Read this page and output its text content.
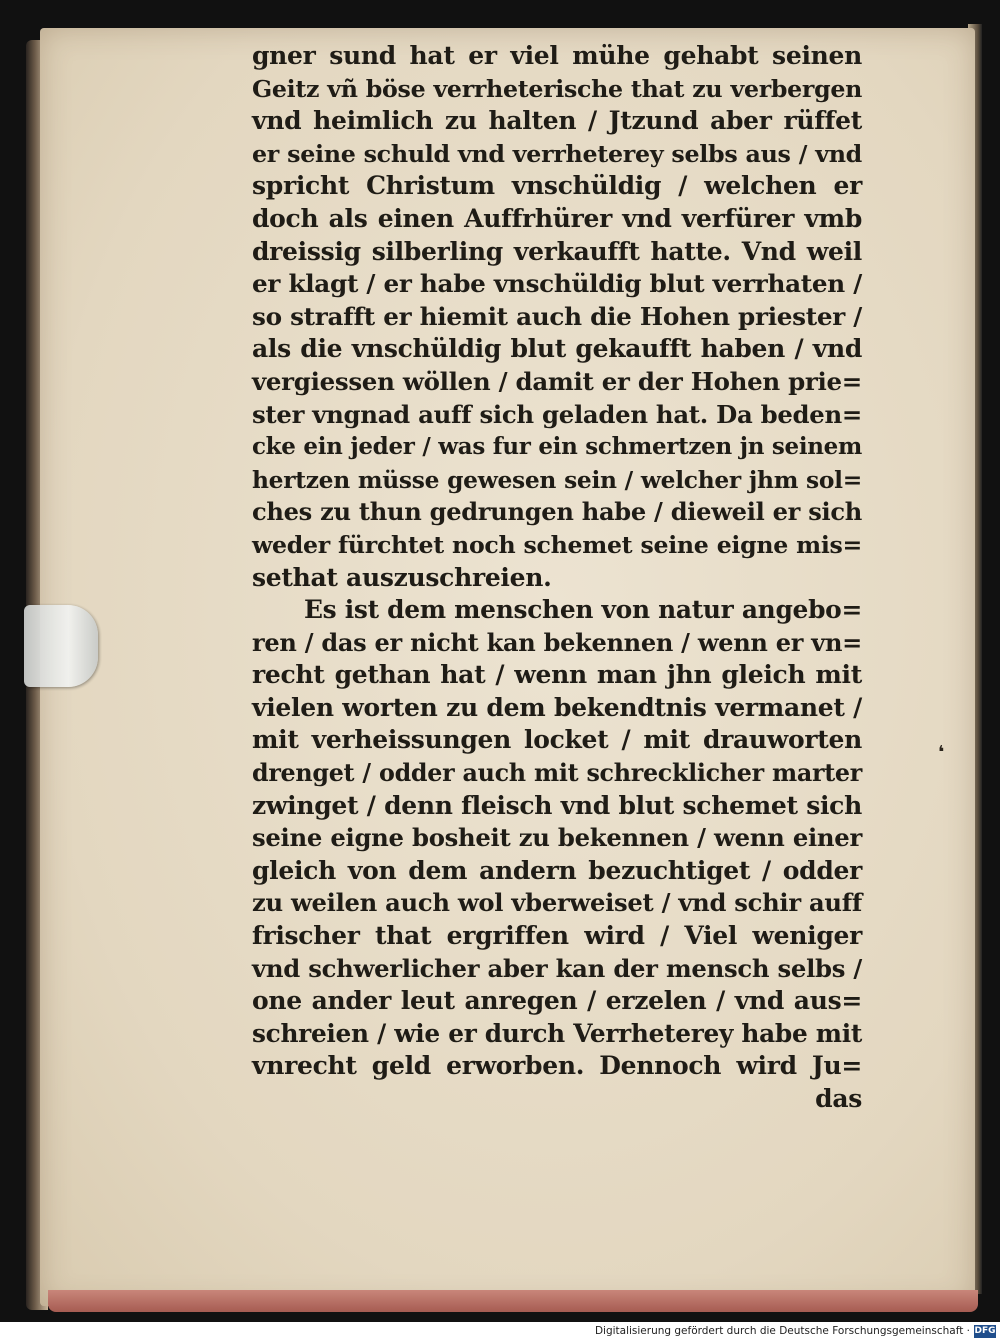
gner sund hat er viel mühe gehabt seinen
Geitz vñ böse verrheterische that zu verbergen
vnd heimlich zu halten / Jtzund aber rüffet
er seine schuld vnd verrheterey selbs aus / vnd
spricht Christum vnschüldig / welchen er
doch als einen Auffrhürer vnd verfürer vmb
dreissig silberling verkaufft hatte. Vnd weil
er klagt / er habe vnschüldig blut verrhaten /
so strafft er hiemit auch die Hohen priester /
als die vnschüldig blut gekaufft haben / vnd
vergiessen wöllen / damit er der Hohen prie=
ster vngnad auff sich geladen hat. Da beden=
cke ein jeder / was fur ein schmertzen jn seinem
hertzen müsse gewesen sein / welcher jhm sol=
ches zu thun gedrungen habe / dieweil er sich
weder fürchtet noch schemet seine eigne mis=
sethat auszuschreien.
Es ist dem menschen von natur angebo=
ren / das er nicht kan bekennen / wenn er vn=
recht gethan hat / wenn man jhn gleich mit
vielen worten zu dem bekendtnis vermanet /
mit verheissungen locket / mit drauworten
drenget / odder auch mit schrecklicher marter
zwinget / denn fleisch vnd blut schemet sich
seine eigne bosheit zu bekennen / wenn einer
gleich von dem andern bezuchtiget / odder
zu weilen auch wol vberweiset / vnd schir auff
frischer that ergriffen wird / Viel weniger
vnd schwerlicher aber kan der mensch selbs /
one ander leut anregen / erzelen / vnd aus=
schreien / wie er durch Verrheterey habe mit
vnrecht geld erworben. Dennoch wird Ju=
das
❛
Digitalisierung gefördert durch die Deutsche Forschungsgemeinschaft · DFG
